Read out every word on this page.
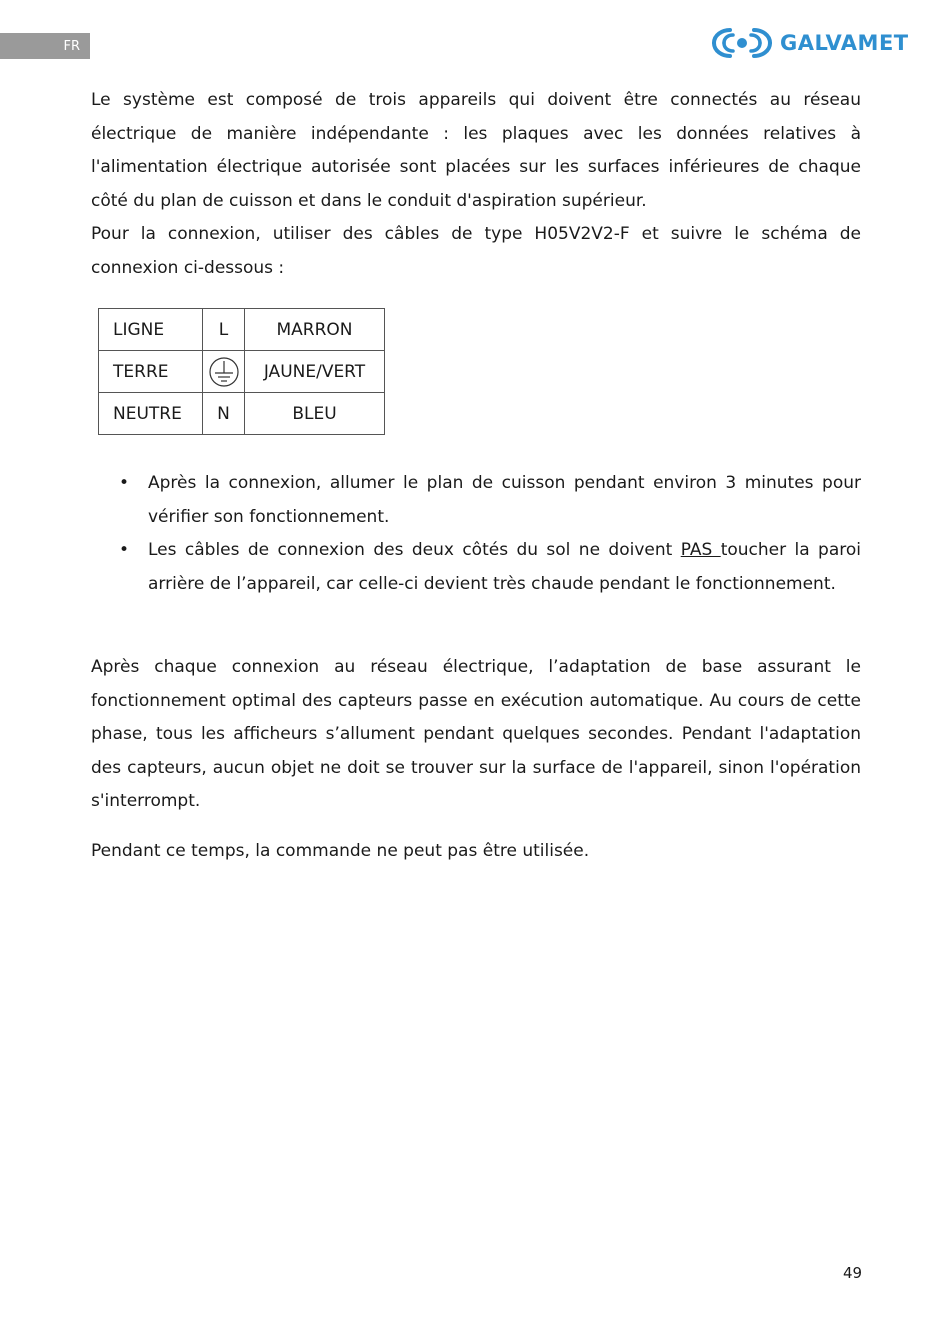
FR	GALVAMET

Le système est composé de trois appareils qui doivent être connectés au réseau électrique de manière indépendante : les plaques avec les données relatives à l'alimentation électrique autorisée sont placées sur les surfaces inférieures de chaque côté du plan de cuisson et dans le conduit d'aspiration supérieur.

Pour la connexion, utiliser des câbles de type H05V2V2-F et suivre le schéma de connexion ci-dessous :

LIGNE	L	MARRON
TERRE		JAUNE/VERT
NEUTRE	N	BLEU
• Après la connexion, allumer le plan de cuisson pendant environ 3 minutes pour vérifier son fonctionnement.
• Les câbles de connexion des deux côtés du sol ne doivent PAS toucher la paroi arrière de l’appareil, car celle-ci devient très chaude pendant le fonctionnement.

Après chaque connexion au réseau électrique, l’adaptation de base assurant le fonctionnement optimal des capteurs passe en exécution automatique. Au cours de cette phase, tous les afficheurs s’allument pendant quelques secondes. Pendant l'adaptation des capteurs, aucun objet ne doit se trouver sur la surface de l'appareil, sinon l'opération s'interrompt.

Pendant ce temps, la commande ne peut pas être utilisée.

49
